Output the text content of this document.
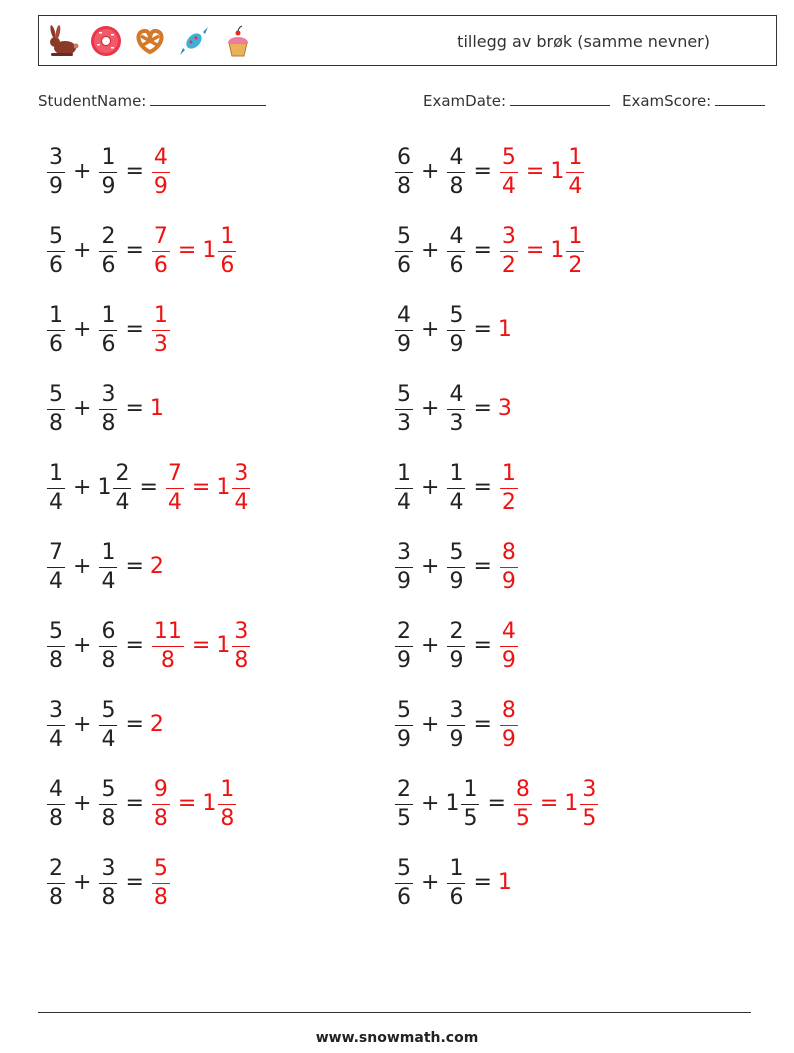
tillegg av brøk (samme nevner)
StudentName:	ExamDate:	ExamScore:
$\frac{3}{9} + \frac{1}{9} = \frac{4}{9}$	$\frac{6}{8} + \frac{4}{8} = \frac{5}{4} = 1 \frac{1}{4}$
$\frac{5}{6} + \frac{2}{6} = \frac{7}{6} = 1 \frac{1}{6}$	$\frac{5}{6} + \frac{4}{6} = \frac{3}{2} = 1 \frac{1}{2}$
$\frac{1}{6} + \frac{1}{6} = \frac{1}{3}$	$\frac{4}{9} + \frac{5}{9} = 1$
$\frac{5}{8} + \frac{3}{8} = 1$	$\frac{5}{3} + \frac{4}{3} = 3$
$\frac{1}{4} + 1 \frac{2}{4} = \frac{7}{4} = 1 \frac{3}{4}$	$\frac{1}{4} + \frac{1}{4} = \frac{1}{2}$
$\frac{7}{4} + \frac{1}{4} = 2$	$\frac{3}{9} + \frac{5}{9} = \frac{8}{9}$
$\frac{5}{8} + \frac{6}{8} = \frac{11}{8} = 1 \frac{3}{8}$	$\frac{2}{9} + \frac{2}{9} = \frac{4}{9}$
$\frac{3}{4} + \frac{5}{4} = 2$	$\frac{5}{9} + \frac{3}{9} = \frac{8}{9}$
$\frac{4}{8} + \frac{5}{8} = \frac{9}{8} = 1 \frac{1}{8}$	$\frac{2}{5} + 1 \frac{1}{5} = \frac{8}{5} = 1 \frac{3}{5}$
$\frac{2}{8} + \frac{3}{8} = \frac{5}{8}$	$\frac{5}{6} + \frac{1}{6} = 1$
www.snowmath.com
